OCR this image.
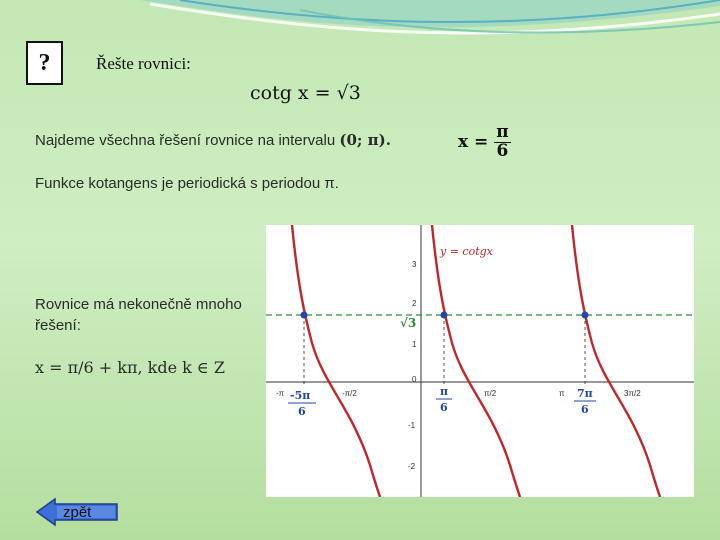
?	Řešte rovnici:
cotg x = √3
Najdeme všechna řešení rovnice na intervalu (0; π).	$x = \frac{\pi}{6}$
Funkce kotangens je periodická s periodou π.
Rovnice má nekonečně mnoho řešení:
x = π/6 + kπ, kde k ∈ Z
3
2
1
0
-1
-2
-π	-π/2	π/2	π	3π/2
y = cotgx
√3
-5π
6
π
6
7π
6
zpět
